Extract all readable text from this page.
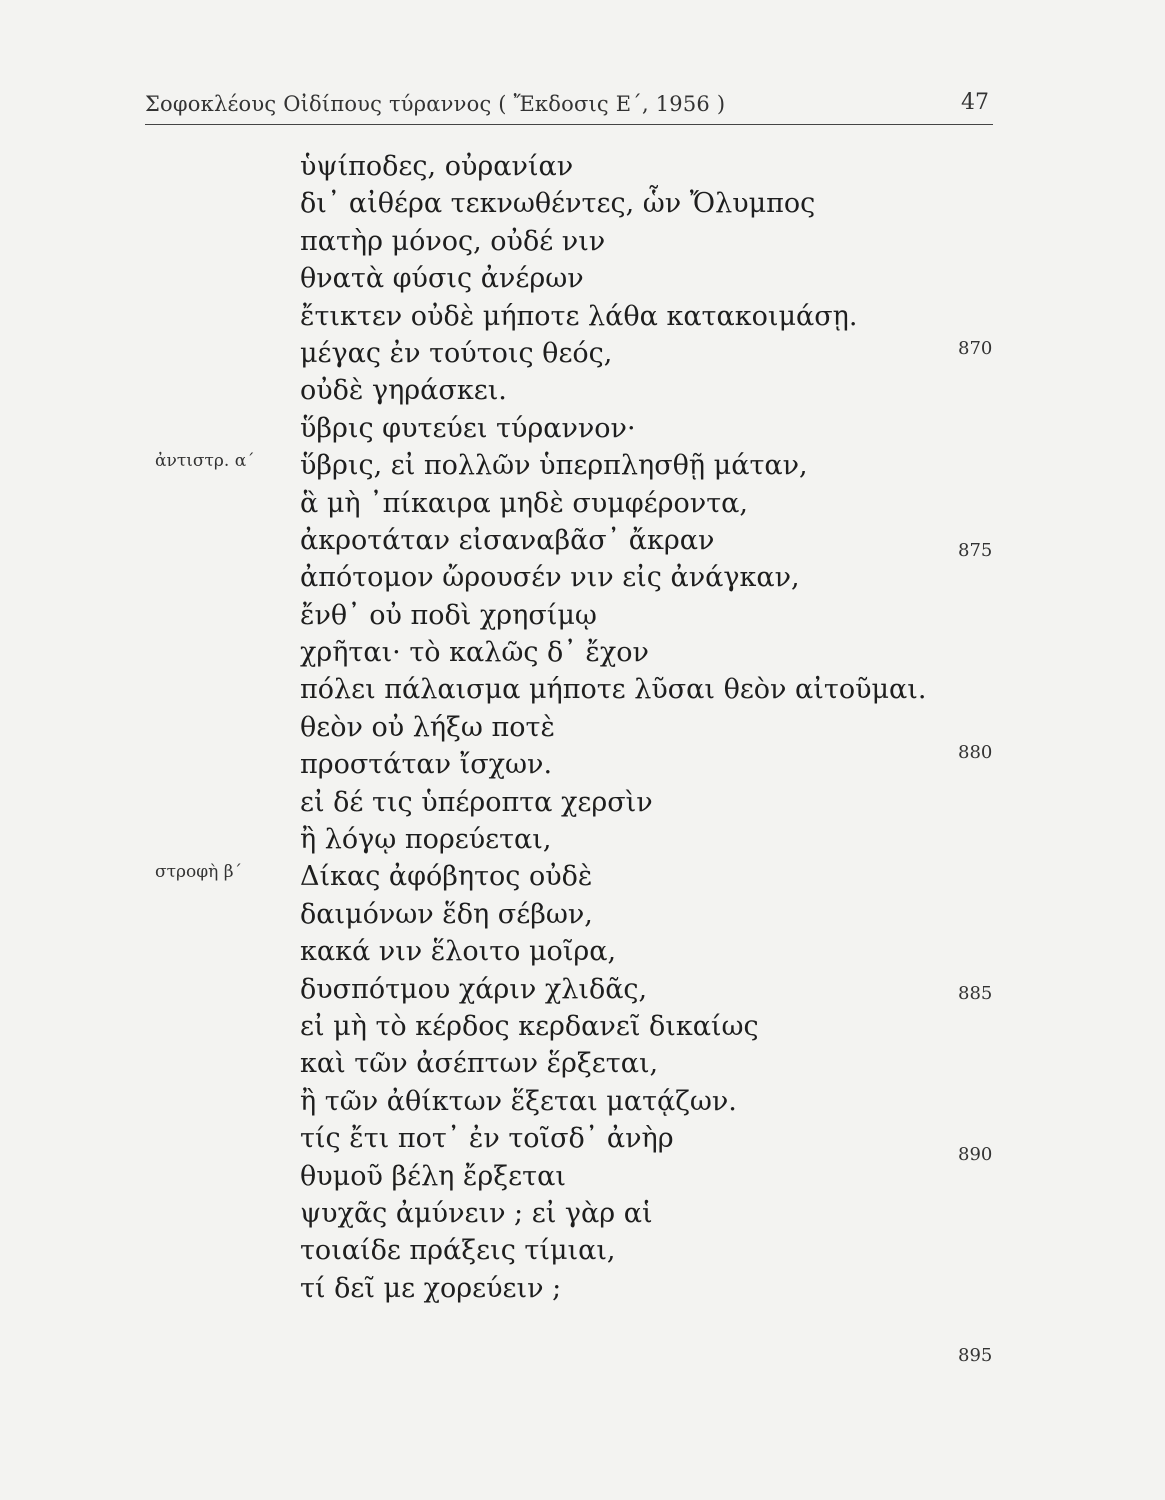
Σοφοκλέους Οἰδίπους τύραννος ( Ἔκδοσις Ε΄, 1956 )	47
ὑψίποδες, οὐρανίαν
δι᾽ αἰθέρα τεκνωθέντες, ὧν Ὄλυμπος
πατὴρ μόνος, οὐδέ νιν
θνατὰ φύσις ἀνέρων
ἔτικτεν οὐδὲ μήποτε λάθα κατακοιμάσῃ.
μέγας ἐν τούτοις θεός,
οὐδὲ γηράσκει.
ὕβρις φυτεύει τύραννον·
ὕβρις, εἰ πολλῶν ὑπερπλησθῇ μάταν,
ἃ μὴ ᾽πίκαιρα μηδὲ συμφέροντα,
ἀκροτάταν εἰσαναβᾶσ᾽ ἄκραν
ἀπότομον ὤρουσέν νιν εἰς ἀνάγκαν,
ἔνθ᾽ οὐ ποδὶ χρησίμῳ
χρῆται· τὸ καλῶς δ᾽ ἔχον
πόλει πάλαισμα μήποτε λῦσαι θεὸν αἰτοῦμαι.
θεὸν οὐ λήξω ποτὲ
προστάταν ἴσχων.
εἰ δέ τις ὑπέροπτα χερσὶν
ἢ λόγῳ πορεύεται,
Δίκας ἀφόβητος οὐδὲ
δαιμόνων ἕδη σέβων,
κακά νιν ἕλοιτο μοῖρα,
δυσπότμου χάριν χλιδᾶς,
εἰ μὴ τὸ κέρδος κερδανεῖ δικαίως
καὶ τῶν ἀσέπτων ἕρξεται,
ἢ τῶν ἀθίκτων ἕξεται ματᾴζων.
τίς ἔτι ποτ᾽ ἐν τοῖσδ᾽ ἀνὴρ
θυμοῦ βέλη ἔρξεται
ψυχᾶς ἀμύνειν ; εἰ γὰρ αἱ
τοιαίδε πράξεις τίμιαι,
τί δεῖ με χορεύειν ;
ἀντιστρ. α΄
στροφὴ β΄
870
875
880
885
890
895
